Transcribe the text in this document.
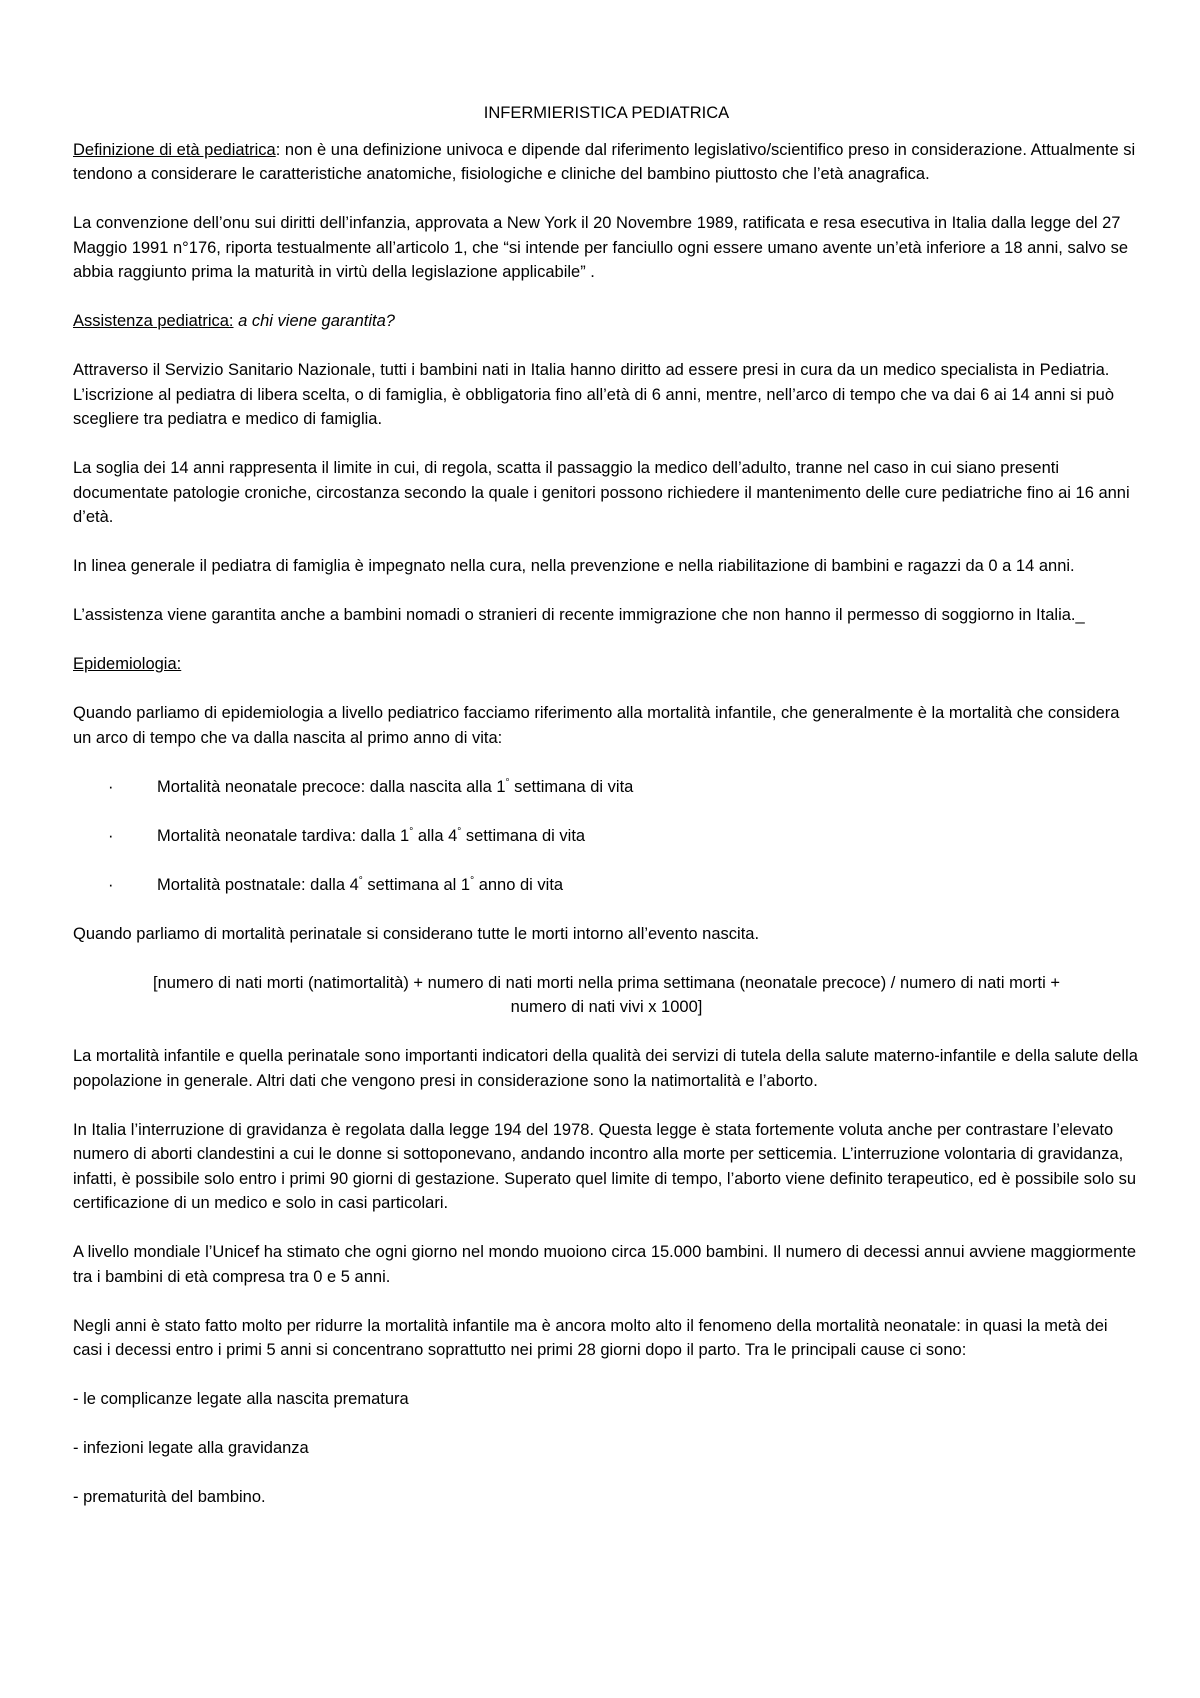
INFERMIERISTICA PEDIATRICA

Definizione di età pediatrica: non è una definizione univoca e dipende dal riferimento legislativo/scientifico preso in considerazione. Attualmente si tendono a considerare le caratteristiche anatomiche, fisiologiche e cliniche del bambino piuttosto che l’età anagrafica.

La convenzione dell’onu sui diritti dell’infanzia, approvata a New York il 20 Novembre 1989, ratificata e resa esecutiva in Italia dalla legge del 27 Maggio 1991 n°176, riporta testualmente all’articolo 1, che “si intende per fanciullo ogni essere umano avente un’età inferiore a 18 anni, salvo se abbia raggiunto prima la maturità in virtù della legislazione applicabile” .

Assistenza pediatrica: a chi viene garantita?

Attraverso il Servizio Sanitario Nazionale, tutti i bambini nati in Italia hanno diritto ad essere presi in cura da un medico specialista in Pediatria. L’iscrizione al pediatra di libera scelta, o di famiglia, è obbligatoria fino all’età di 6 anni, mentre, nell’arco di tempo che va dai 6 ai 14 anni si può scegliere tra pediatra e medico di famiglia.

La soglia dei 14 anni rappresenta il limite in cui, di regola, scatta il passaggio la medico dell’adulto, tranne nel caso in cui siano presenti documentate patologie croniche, circostanza secondo la quale i genitori possono richiedere il mantenimento delle cure pediatriche fino ai 16 anni d’età.

In linea generale il pediatra di famiglia è impegnato nella cura, nella prevenzione e nella riabilitazione di bambini e ragazzi da 0 a 14 anni.

L’assistenza viene garantita anche a bambini nomadi o stranieri di recente immigrazione che non hanno il permesso di soggiorno in Italia._

Epidemiologia:

Quando parliamo di epidemiologia a livello pediatrico facciamo riferimento alla mortalità infantile, che generalmente è la mortalità che considera un arco di tempo che va dalla nascita al primo anno di vita:

·	Mortalità neonatale precoce: dalla nascita alla 1° settimana di vita
·	Mortalità neonatale tardiva: dalla 1° alla 4° settimana di vita
·	Mortalità postnatale: dalla 4° settimana al 1° anno di vita

Quando parliamo di mortalità perinatale si considerano tutte le morti intorno all’evento nascita.

[numero di nati morti (natimortalità) + numero di nati morti nella prima settimana (neonatale precoce) / numero di nati morti +
numero di nati vivi x 1000]

La mortalità infantile e quella perinatale sono importanti indicatori della qualità dei servizi di tutela della salute materno-infantile e della salute della popolazione in generale. Altri dati che vengono presi in considerazione sono la natimortalità e l’aborto.

In Italia l’interruzione di gravidanza è regolata dalla legge 194 del 1978. Questa legge è stata fortemente voluta anche per contrastare l’elevato numero di aborti clandestini a cui le donne si sottoponevano, andando incontro alla morte per setticemia. L’interruzione volontaria di gravidanza, infatti, è possibile solo entro i primi 90 giorni di gestazione. Superato quel limite di tempo, l’aborto viene definito terapeutico, ed è possibile solo su certificazione di un medico e solo in casi particolari.

A livello mondiale l’Unicef ha stimato che ogni giorno nel mondo muoiono circa 15.000 bambini. Il numero di decessi annui avviene maggiormente tra i bambini di età compresa tra 0 e 5 anni.

Negli anni è stato fatto molto per ridurre la mortalità infantile ma è ancora molto alto il fenomeno della mortalità neonatale: in quasi la metà dei casi i decessi entro i primi 5 anni si concentrano soprattutto nei primi 28 giorni dopo il parto. Tra le principali cause ci sono:

- le complicanze legate alla nascita prematura

- infezioni legate alla gravidanza

- prematurità del bambino.
